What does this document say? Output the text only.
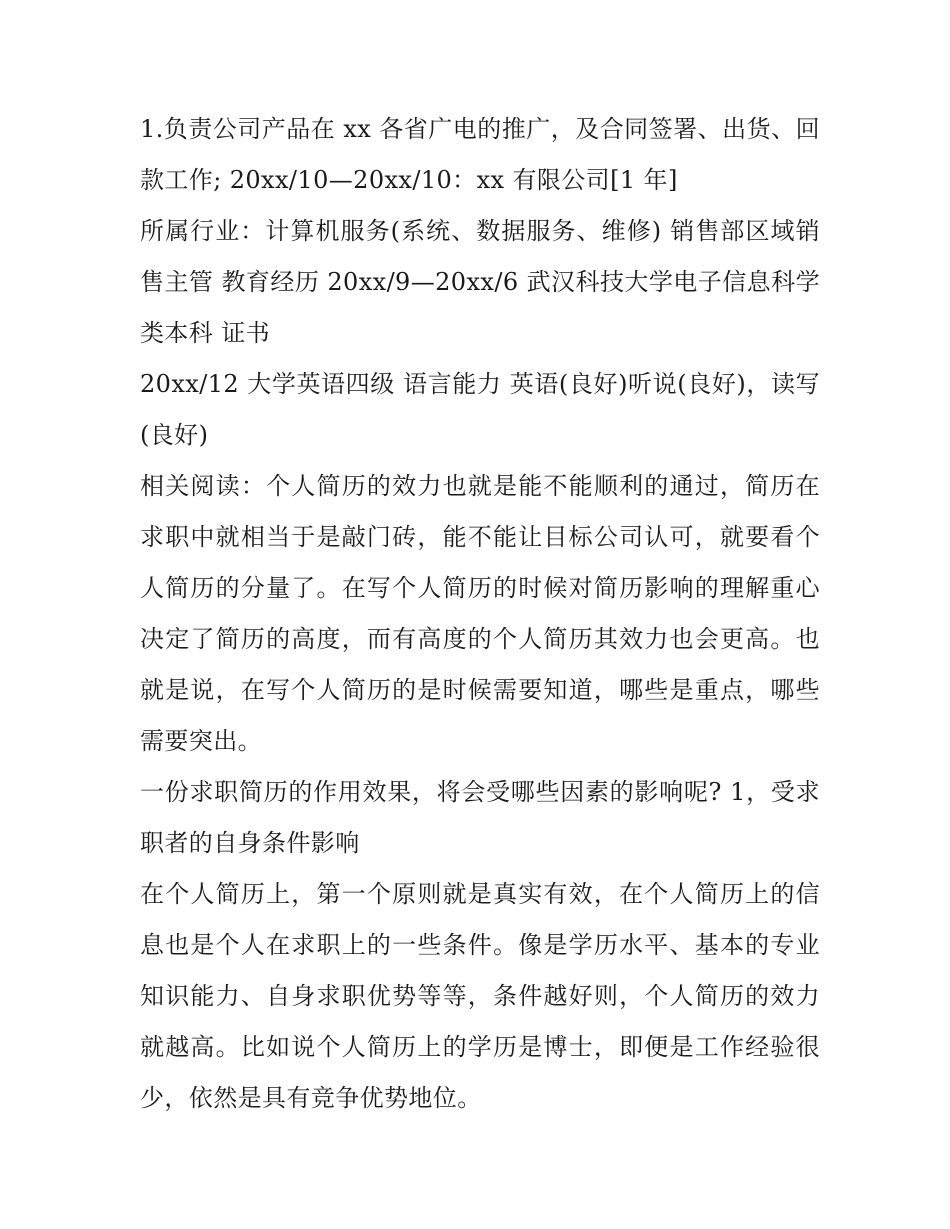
1.负责公司产品在 xx 各省广电的推广，及合同签署、出货、回款工作; 20xx/10—20xx/10：xx 有限公司[1 年]

所属行业：计算机服务(系统、数据服务、维修) 销售部区域销售主管 教育经历 20xx/9—20xx/6 武汉科技大学电子信息科学类本科 证书

20xx/12 大学英语四级 语言能力 英语(良好)听说(良好)，读写(良好)

相关阅读：个人简历的效力也就是能不能顺利的通过，简历在求职中就相当于是敲门砖，能不能让目标公司认可，就要看个人简历的分量了。在写个人简历的时候对简历影响的理解重心决定了简历的高度，而有高度的个人简历其效力也会更高。也就是说，在写个人简历的是时候需要知道，哪些是重点，哪些需要突出。

一份求职简历的作用效果，将会受哪些因素的影响呢? 1，受求职者的自身条件影响

在个人简历上，第一个原则就是真实有效，在个人简历上的信息也是个人在求职上的一些条件。像是学历水平、基本的专业知识能力、自身求职优势等等，条件越好则，个人简历的效力就越高。比如说个人简历上的学历是博士，即便是工作经验很少，依然是具有竞争优势地位。
